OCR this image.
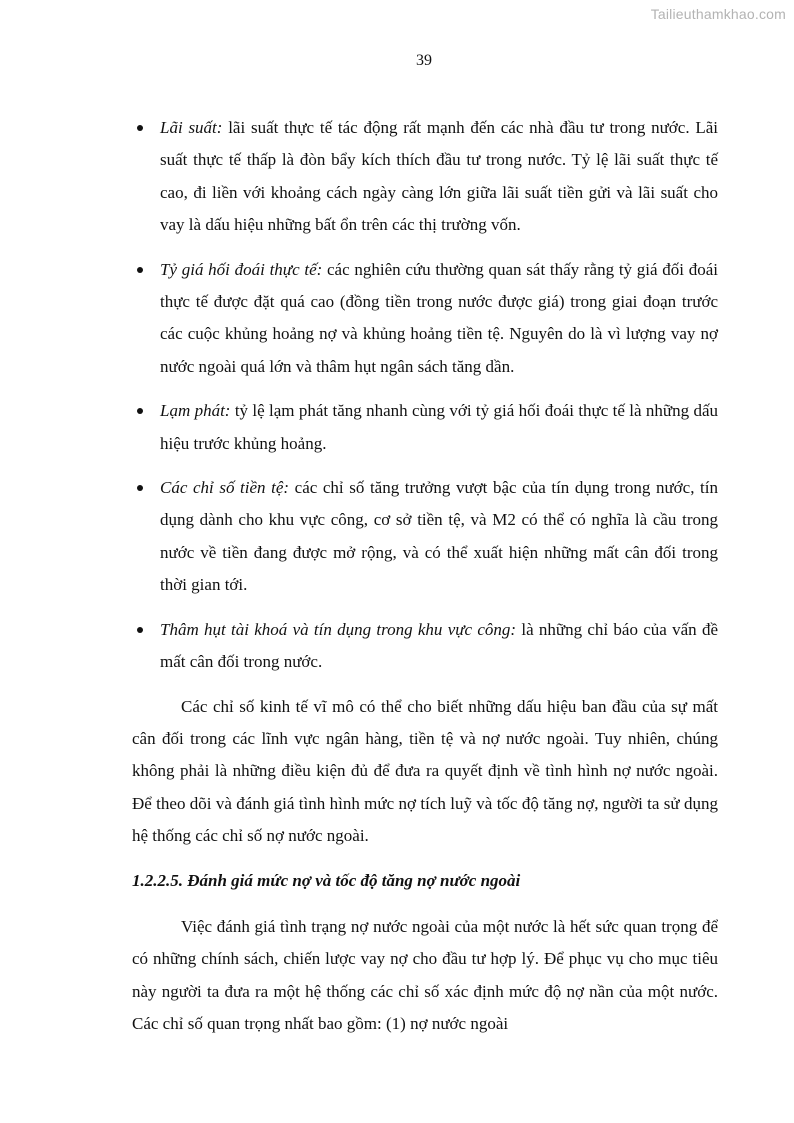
Tailieuthamkhao.com
39
Lãi suất: lãi suất thực tế tác động rất mạnh đến các nhà đầu tư trong nước. Lãi suất thực tế thấp là đòn bẩy kích thích đầu tư trong nước. Tỷ lệ lãi suất thực tế cao, đi liền với khoảng cách ngày càng lớn giữa lãi suất tiền gửi và lãi suất cho vay là dấu hiệu những bất ổn trên các thị trường vốn.
Tỷ giá hối đoái thực tế: các nghiên cứu thường quan sát thấy rằng tỷ giá đối đoái thực tế được đặt quá cao (đồng tiền trong nước được giá) trong giai đoạn trước các cuộc khủng hoảng nợ và khủng hoảng tiền tệ. Nguyên do là vì lượng vay nợ nước ngoài quá lớn và thâm hụt ngân sách tăng dần.
Lạm phát: tỷ lệ lạm phát tăng nhanh cùng với tỷ giá hối đoái thực tế là những dấu hiệu trước khủng hoảng.
Các chỉ số tiền tệ: các chỉ số tăng trưởng vượt bậc của tín dụng trong nước, tín dụng dành cho khu vực công, cơ sở tiền tệ, và M2 có thể có nghĩa là cầu trong nước về tiền đang được mở rộng, và có thể xuất hiện những mất cân đối trong thời gian tới.
Thâm hụt tài khoá và tín dụng trong khu vực công: là những chỉ báo của vấn đề mất cân đối trong nước.

Các chỉ số kinh tế vĩ mô có thể cho biết những dấu hiệu ban đầu của sự mất cân đối trong các lĩnh vực ngân hàng, tiền tệ và nợ nước ngoài. Tuy nhiên, chúng không phải là những điều kiện đủ để đưa ra quyết định về tình hình nợ nước ngoài. Để theo dõi và đánh giá tình hình mức nợ tích luỹ và tốc độ tăng nợ, người ta sử dụng hệ thống các chỉ số nợ nước ngoài.

1.2.2.5. Đánh giá mức nợ và tốc độ tăng nợ nước ngoài

Việc đánh giá tình trạng nợ nước ngoài của một nước là hết sức quan trọng để có những chính sách, chiến lược vay nợ cho đầu tư hợp lý. Để phục vụ cho mục tiêu này người ta đưa ra một hệ thống các chỉ số xác định mức độ nợ nần của một nước. Các chỉ số quan trọng nhất bao gồm: (1) nợ nước ngoài
